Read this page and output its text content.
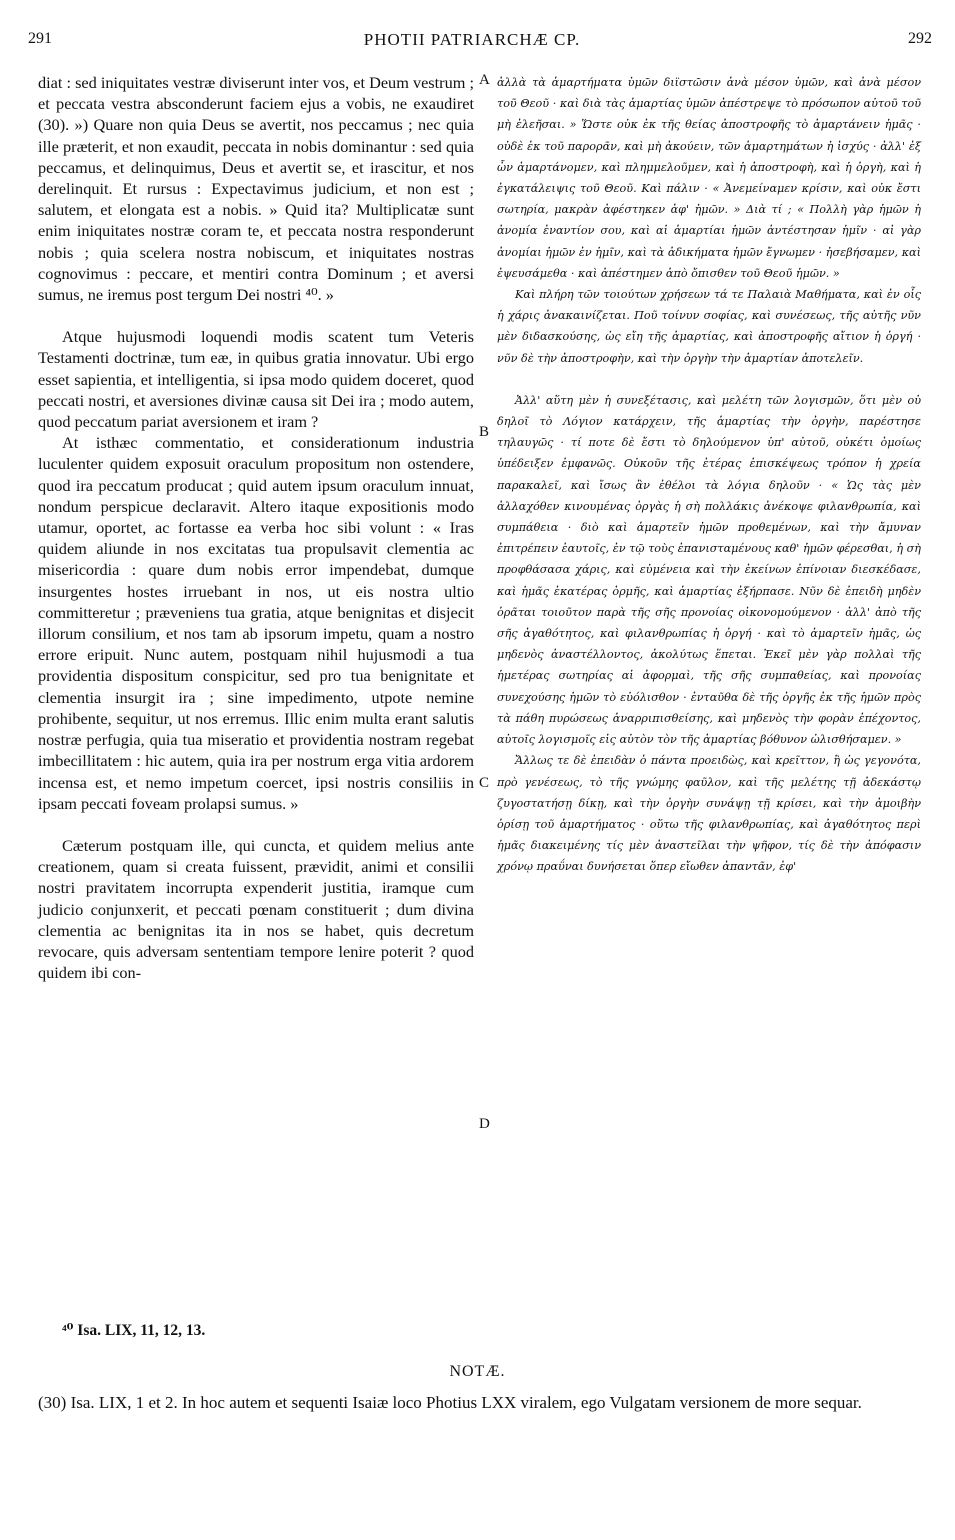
291	PHOTII PATRIARCHÆ CP.	292

diat : sed iniquitates vestræ diviserunt inter vos, et Deum vestrum ; et peccata vestra absconderunt faciem ejus a vobis, ne exaudiret (30). ») Quare non quia Deus se avertit, nos peccamus ; nec quia ille præterit, et non exaudit, peccata in nobis dominantur : sed quia peccamus, et delinquimus, Deus et avertit se, et irascitur, et nos derelinquit. Et rursus : Expectavimus judicium, et non est ; salutem, et elongata est a nobis. » Quid ita? Multiplicatæ sunt enim iniquitates nostræ coram te, et peccata nostra responderunt nobis ; quia scelera nostra nobiscum, et iniquitates nostras cognovimus : peccare, et mentiri contra Dominum ; et aversi sumus, ne iremus post tergum Dei nostri ⁴⁰. »

Atque hujusmodi loquendi modis scatent tum Veteris Testamenti doctrinæ, tum eæ, in quibus gratia innovatur. Ubi ergo esset sapientia, et intelligentia, si ipsa modo quidem doceret, quod peccati nostri, et aversiones divinæ causa sit Dei ira ; modo autem, quod peccatum pariat aversionem et iram ?

At isthæc commentatio, et considerationum industria luculenter quidem exposuit oraculum propositum non ostendere, quod ira peccatum producat ; quid autem ipsum oraculum innuat, nondum perspicue declaravit. Altero itaque expositionis modo utamur, oportet, ac fortasse ea verba hoc sibi volunt : « Iras quidem aliunde in nos excitatas tua propulsavit clementia ac misericordia : quare dum nobis error impendebat, dumque insurgentes hostes irruebant in nos, ut eis nostra ultio committeretur ; præveniens tua gratia, atque benignitas et disjecit illorum consilium, et nos tam ab ipsorum impetu, quam a nostro errore eripuit. Nunc autem, postquam nihil hujusmodi a tua providentia dispositum conspicitur, sed pro tua benignitate et clementia insurgit ira ; sine impedimento, utpote nemine prohibente, sequitur, ut nos erremus. Illic enim multa erant salutis nostræ perfugia, quia tua miseratio et providentia nostram regebat imbecillitatem : hic autem, quia ira per nostrum erga vitia ardorem incensa est, et nemo impetum coercet, ipsi nostris consiliis in ipsam peccati foveam prolapsi sumus. »

Cæterum postquam ille, qui cuncta, et quidem melius ante creationem, quam si creata fuissent, prævidit, animi et consilii nostri pravitatem incorrupta expenderit justitia, iramque cum judicio conjunxerit, et peccati pœnam constituerit ; dum divina clementia ac benignitas ita in nos se habet, quis decretum revocare, quis adversam sententiam tempore lenire poterit ? quod quidem ibi con-

A
B
C
D

ἀλλὰ τὰ ἁμαρτήματα ὑμῶν διϊστῶσιν ἀνὰ μέσον ὑμῶν, καὶ ἀνὰ μέσον τοῦ Θεοῦ · καὶ διὰ τὰς ἁμαρτίας ὑμῶν ἀπέστρεψε τὸ πρόσωπον αὐτοῦ τοῦ μὴ ἐλεῆσαι. » Ὥστε οὐκ ἐκ τῆς θείας ἀποστροφῆς τὸ ἁμαρτάνειν ἡμᾶς · οὐδὲ ἐκ τοῦ παρορᾶν, καὶ μὴ ἀκούειν, τῶν ἁμαρτημάτων ἡ ἰσχύς · ἀλλ' ἐξ ὧν ἁμαρτάνομεν, καὶ πλημμελοῦμεν, καὶ ἡ ἀποστροφὴ, καὶ ἡ ὀργὴ, καὶ ἡ ἐγκατάλειψις τοῦ Θεοῦ. Καὶ πάλιν · « Ἀνεμείναμεν κρίσιν, καὶ οὐκ ἔστι σωτηρία, μακρὰν ἀφέστηκεν ἀφ' ἡμῶν. » Διὰ τί ; « Πολλὴ γὰρ ἡμῶν ἡ ἀνομία ἐναντίον σου, καὶ αἱ ἁμαρτίαι ἡμῶν ἀντέστησαν ἡμῖν · αἱ γὰρ ἀνομίαι ἡμῶν ἐν ἡμῖν, καὶ τὰ ἀδικήματα ἡμῶν ἔγνωμεν · ἠσεβήσαμεν, καὶ ἐψευσάμεθα · καὶ ἀπέστημεν ἀπὸ ὄπισθεν τοῦ Θεοῦ ἡμῶν. »

Καὶ πλήρη τῶν τοιούτων χρήσεων τά τε Παλαιὰ Μαθήματα, καὶ ἐν οἷς ἡ χάρις ἀνακαινίζεται. Ποῦ τοίνυν σοφίας, καὶ συνέσεως, τῆς αὐτῆς νῦν μὲν διδασκούσης, ὡς εἴη τῆς ἁμαρτίας, καὶ ἀποστροφῆς αἴτιον ἡ ὀργή · νῦν δὲ τὴν ἀποστροφὴν, καὶ τὴν ὀργὴν τὴν ἁμαρτίαν ἀποτελεῖν.

Ἀλλ' αὕτη μὲν ἡ συνεξέτασις, καὶ μελέτη τῶν λογισμῶν, ὅτι μὲν οὐ δηλοῖ τὸ Λόγιον κατάρχειν, τῆς ἁμαρτίας τὴν ὀργὴν, παρέστησε τηλαυγῶς · τί ποτε δὲ ἔστι τὸ δηλούμενον ὑπ' αὐτοῦ, οὐκέτι ὁμοίως ὑπέδειξεν ἐμφανῶς. Οὐκοῦν τῆς ἑτέρας ἐπισκέψεως τρόπον ἡ χρεία παρακαλεῖ, καὶ ἴσως ἂν ἐθέλοι τὰ λόγια δηλοῦν · « Ὡς τὰς μὲν ἀλλαχόθεν κινουμένας ὀργὰς ἡ σὴ πολλάκις ἀνέκοψε φιλανθρωπία, καὶ συμπάθεια · διὸ καὶ ἁμαρτεῖν ἡμῶν προθεμένων, καὶ τὴν ἄμυναν ἐπιτρέπειν ἑαυτοῖς, ἐν τῷ τοὺς ἐπανισταμένους καθ' ἡμῶν φέρεσθαι, ἡ σὴ προφθάσασα χάρις, καὶ εὐμένεια καὶ τὴν ἐκείνων ἐπίνοιαν διεσκέδασε, καὶ ἡμᾶς ἑκατέρας ὁρμῆς, καὶ ἁμαρτίας ἐξήρπασε. Νῦν δὲ ἐπειδὴ μηδὲν ὁρᾶται τοιοῦτον παρὰ τῆς σῆς προνοίας οἰκονομούμενον · ἀλλ' ἀπὸ τῆς σῆς ἀγαθότητος, καὶ φιλανθρωπίας ἡ ὀργή · καὶ τὸ ἁμαρτεῖν ἡμᾶς, ὡς μηδενὸς ἀναστέλλοντος, ἀκολύτως ἕπεται. Ἐκεῖ μὲν γὰρ πολλαὶ τῆς ἡμετέρας σωτηρίας αἱ ἀφορμαὶ, τῆς σῆς συμπαθείας, καὶ προνοίας συνεχούσης ἡμῶν τὸ εὐόλισθον · ἐνταῦθα δὲ τῆς ὀργῆς ἐκ τῆς ἡμῶν πρὸς τὰ πάθη πυρώσεως ἀναρριπισθείσης, καὶ μηδενὸς τὴν φορὰν ἐπέχοντος, αὐτοῖς λογισμοῖς εἰς αὐτὸν τὸν τῆς ἁμαρτίας βόθυνον ὠλισθήσαμεν. »

Ἄλλως τε δὲ ἐπειδὰν ὁ πάντα προειδὼς, καὶ κρεῖττον, ἢ ὡς γεγονότα, πρὸ γενέσεως, τὸ τῆς γνώμης φαῦλον, καὶ τῆς μελέτης τῇ ἀδεκάστῳ ζυγοστατήσῃ δίκῃ, καὶ τὴν ὀργὴν συνάψῃ τῇ κρίσει, καὶ τὴν ἀμοιβὴν ὁρίσῃ τοῦ ἁμαρτήματος · οὕτω τῆς φιλανθρωπίας, καὶ ἀγαθότητος περὶ ἡμᾶς διακειμένης τίς μὲν ἀναστεῖλαι τὴν ψῆφον, τίς δὲ τὴν ἀπόφασιν χρόνῳ πραΰναι δυνήσεται ὅπερ εἴωθεν ἀπαντᾶν, ἐφ'

⁴⁰ Isa. LIX, 11, 12, 13.
NOTÆ.
(30) Isa. LIX, 1 et 2. In hoc autem et sequenti Isaiæ loco Photius LXX viralem, ego Vulgatam versionem de more sequar.
